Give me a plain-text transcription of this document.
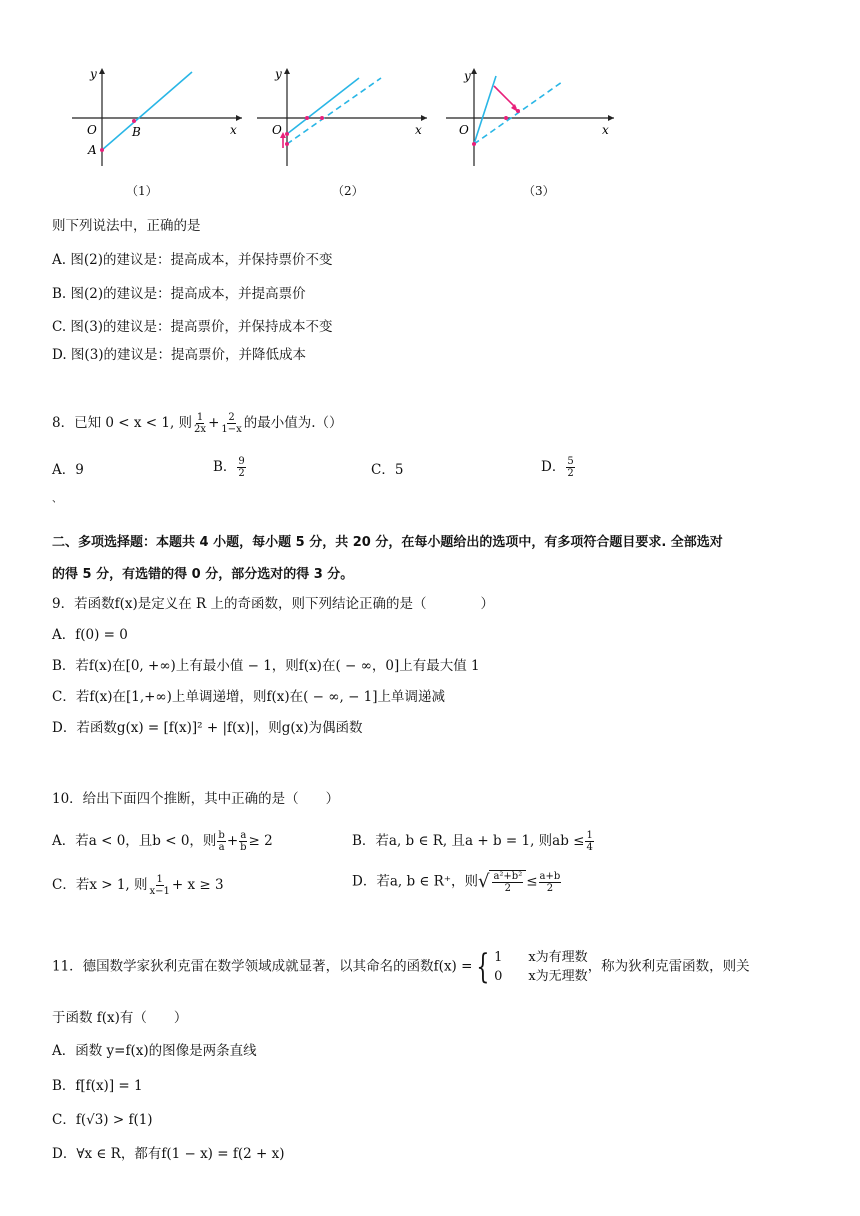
y
x
O	B
A
y
x
O
y
x
O
（1）	（2）	（3）
则下列说法中，正确的是
A. 图(2)的建议是：提高成本，并保持票价不变
B. 图(2)的建议是：提高成本，并提高票价
C. 图(3)的建议是：提高票价，并保持成本不变
D. 图(3)的建议是：提高票价，并降低成本
8．已知 0 < x < 1, 则 $\frac{1}{2x} + \frac{2}{1-x}$ 的最小值为.（）
A．9	B． $\frac{9}{2}$	C．5	D． $\frac{5}{2}$
、
二、多项选择题：本题共 4 小题，每小题 5 分，共 20 分，在每小题给出的选项中，有多项符合题目要求. 全部选对
的得 5 分，有选错的得 0 分，部分选对的得 3 分。
9．若函数f(x)是定义在 R 上的奇函数，则下列结论正确的是（　　　　）
A．f(0) = 0
B．若f(x)在[0, +∞)上有最小值 − 1，则f(x)在( − ∞，0]上有最大值 1
C．若f(x)在[1,+∞)上单调递增，则f(x)在( − ∞, − 1]上单调递减
D．若函数g(x) = [f(x)]² + |f(x)|，则g(x)为偶函数
10．给出下面四个推断，其中正确的是（　　）
A．若a < 0，且b < 0，则 $\frac{b}{a} + \frac{a}{b} \ge 2$	B．若a, b ∈ R, 且a + b = 1, 则ab ≤ $\frac{1}{4}$
C．若x > 1, 则 $\frac{1}{x-1} + x \ge 3$	D．若a, b ∈ R⁺，则√ $\frac{\text{a²+b²}}{2} \le \frac{a+b}{2}$
11．德国数学家狄利克雷在数学领域成就显著，以其命名的函数f(x) = { 1　　x为有理数
0　　x为无理数
，称为狄利克雷函数，则关
于函数 f(x)有（　　）
A．函数 y=f(x)的图像是两条直线
B．f[f(x)] = 1
C．f(√3) > f(1)
D．∀x ∈ R，都有f(1 − x) = f(2 + x)
